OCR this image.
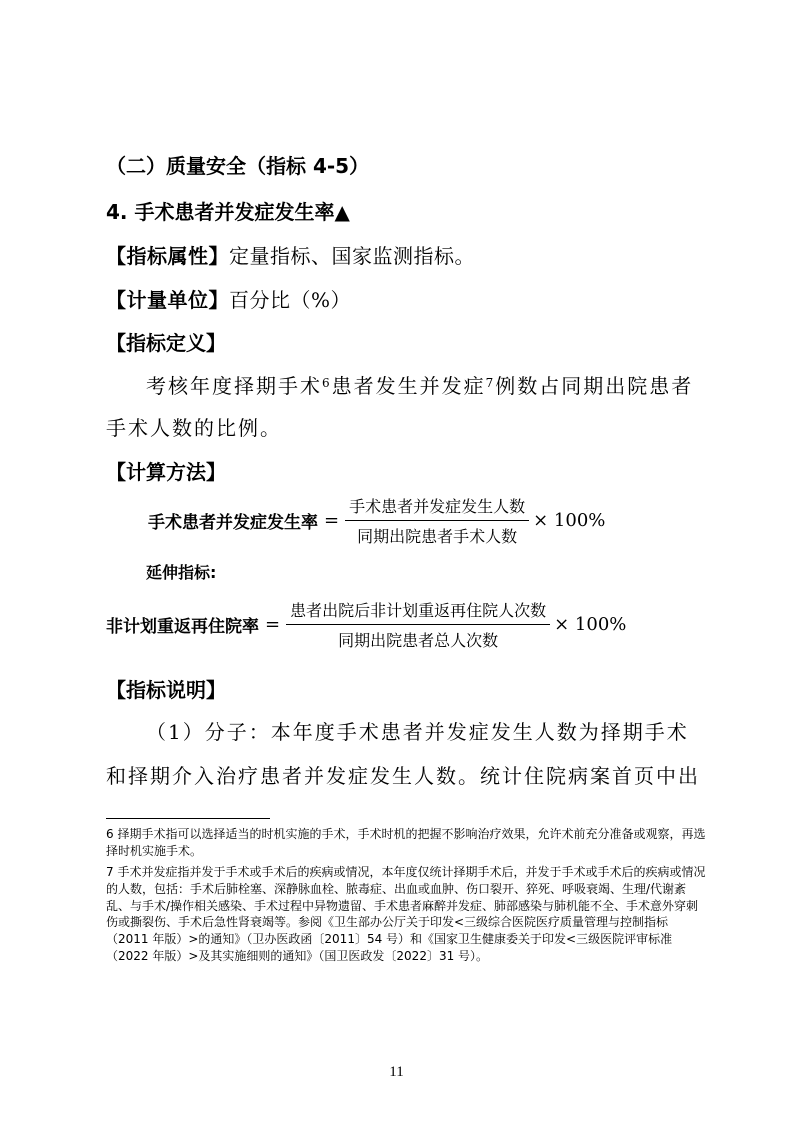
（二）质量安全（指标 4-5）
4. 手术患者并发症发生率▲
【指标属性】定量指标、国家监测指标。
【计量单位】百分比（%）
【指标定义】
考核年度择期手术$^6$患者发生并发症$^7$例数占同期出院患者
手术人数的比例。
【计算方法】
手术患者并发症发生率 = $\frac{\text{手术患者并发症发生人数}}{\text{同期出院患者手术人数}} \times 100\%$
延伸指标:
非计划重返再住院率 = $\frac{\text{患者出院后非计划重返再住院人次数}}{\text{同期出院患者总人次数}} \times 100\%$
【指标说明】
（1）分子：本年度手术患者并发症发生人数为择期手术
和择期介入治疗患者并发症发生人数。统计住院病案首页中出
6 择期手术指可以选择适当的时机实施的手术，手术时机的把握不影响治疗效果，允许术前充分准备或观察，再选择时机实施手术。
7 手术并发症指并发于手术或手术后的疾病或情况，本年度仅统计择期手术后，并发于手术或手术后的疾病或情况的人数，包括：手术后肺栓塞、深静脉血栓、脓毒症、出血或血肿、伤口裂开、猝死、呼吸衰竭、生理/代谢紊乱、与手术/操作相关感染、手术过程中异物遗留、手术患者麻醉并发症、肺部感染与肺机能不全、手术意外穿刺伤或撕裂伤、手术后急性肾衰竭等。参阅《卫生部办公厅关于印发<三级综合医院医疗质量管理与控制指标（2011 年版）>的通知》（卫办医政函〔2011〕54 号）和《国家卫生健康委关于印发<三级医院评审标准（2022 年版）>及其实施细则的通知》（国卫医政发〔2022〕31 号）。
11
